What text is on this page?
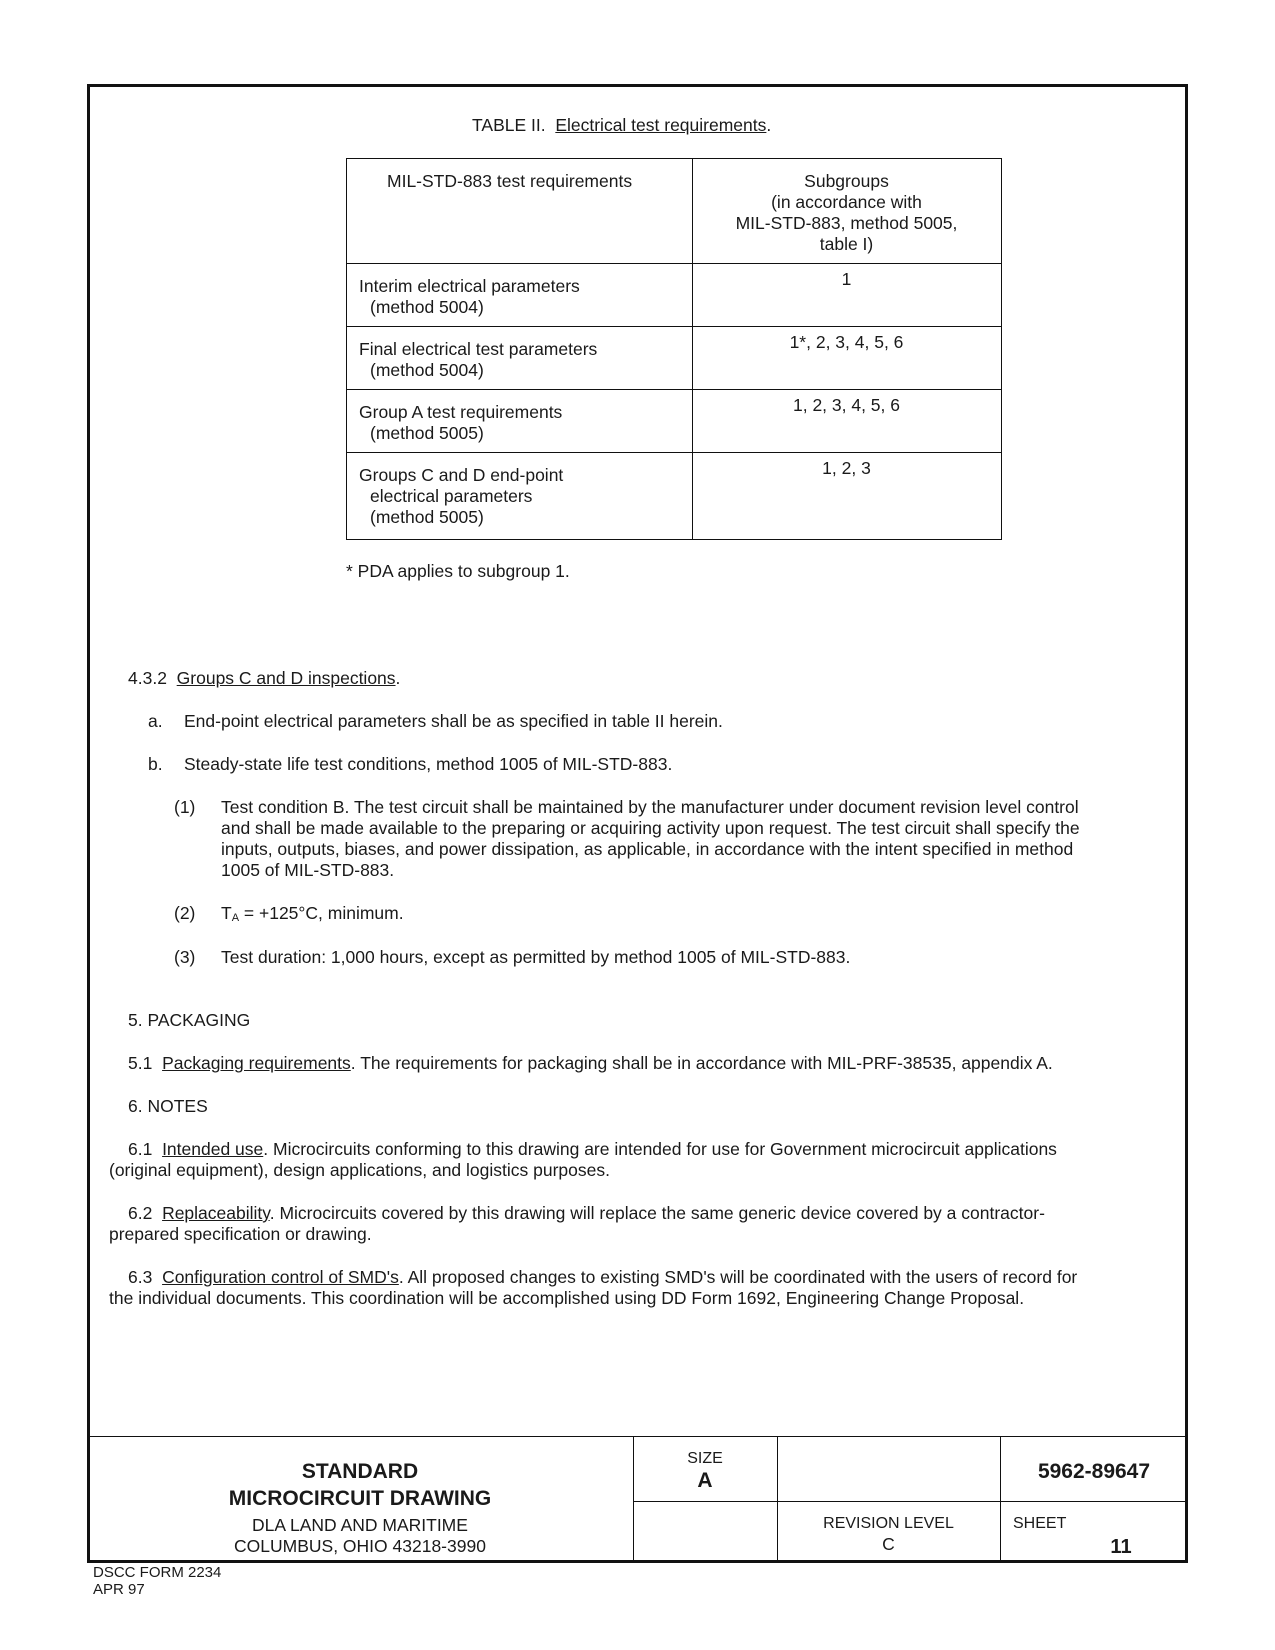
TABLE II. Electrical test requirements.
MIL-STD-883 test requirements	Subgroups
(in accordance with
MIL-STD-883, method 5005,
table I)
Interim electrical parameters
(method 5004)
1
Final electrical test parameters
(method 5004)
1*, 2, 3, 4, 5, 6
Group A test requirements
(method 5005)
1, 2, 3, 4, 5, 6
Groups C and D end-point
electrical parameters
(method 5005)
1, 2, 3
* PDA applies to subgroup 1.
4.3.2 Groups C and D inspections.
a. End-point electrical parameters shall be as specified in table II herein.
b. Steady-state life test conditions, method 1005 of MIL-STD-883.
(1) Test condition B. The test circuit shall be maintained by the manufacturer under document revision level control
and shall be made available to the preparing or acquiring activity upon request. The test circuit shall specify the
inputs, outputs, biases, and power dissipation, as applicable, in accordance with the intent specified in method
1005 of MIL-STD-883.
(2) $T_A = +125^\circ C$, minimum.
(3) Test duration: 1,000 hours, except as permitted by method 1005 of MIL-STD-883.
5. PACKAGING
5.1 Packaging requirements. The requirements for packaging shall be in accordance with MIL-PRF-38535, appendix A.
6. NOTES
6.1 Intended use. Microcircuits conforming to this drawing are intended for use for Government microcircuit applications
(original equipment), design applications, and logistics purposes.
6.2 Replaceability. Microcircuits covered by this drawing will replace the same generic device covered by a contractor-
prepared specification or drawing.
6.3 Configuration control of SMD's. All proposed changes to existing SMD's will be coordinated with the users of record for
the individual documents. This coordination will be accomplished using DD Form 1692, Engineering Change Proposal.
STANDARD
MICROCIRCUIT DRAWING
DLA LAND AND MARITIME
COLUMBUS, OHIO 43218-3990
SIZE
A	5962-89647
REVISION LEVEL
C
SHEET
11
DSCC FORM 2234
APR 97
